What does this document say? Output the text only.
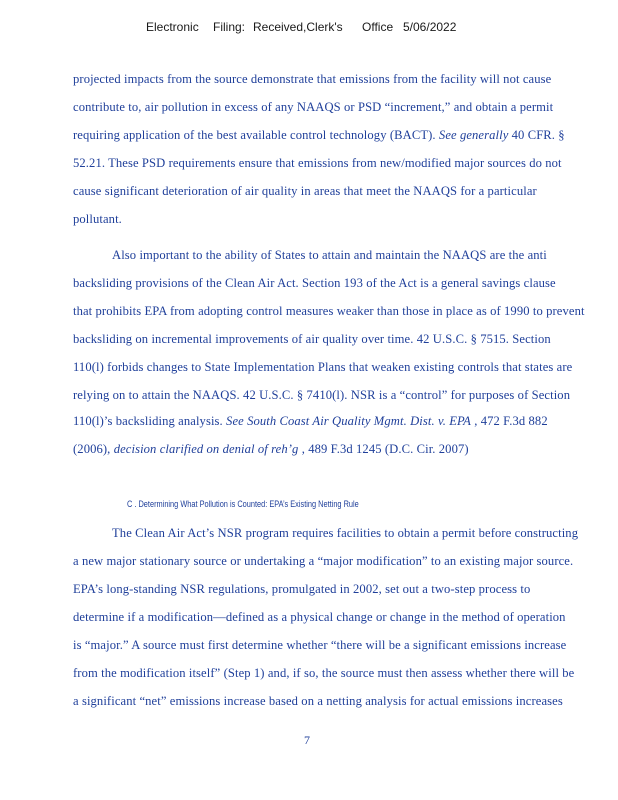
Electronic Filing: Received,Clerk's Office 5/06/2022
projected impacts from the source demonstrate that emissions from the facility will not cause
contribute to, air pollution in excess of any NAAQS or PSD “increment,” and obtain a permit
requiring application of the best available control technology (BACT). See generally 40 CFR. §
52.21. These PSD requirements ensure that emissions from new/modified major sources do not
cause significant deterioration of air quality in areas that meet the NAAQS for a particular
pollutant.
Also important to the ability of States to attain and maintain the NAAQS are the anti
backsliding provisions of the Clean Air Act. Section 193 of the Act is a general savings clause
that prohibits EPA from adopting control measures weaker than those in place as of 1990 to prevent
backsliding on incremental improvements of air quality over time. 42 U.S.C. § 7515. Section
110(l) forbids changes to State Implementation Plans that weaken existing controls that states are
relying on to attain the NAAQS. 42 U.S.C. § 7410(l). NSR is a “control” for purposes of Section
110(l)’s backsliding analysis. See South Coast Air Quality Mgmt. Dist. v. EPA , 472 F.3d 882
(2006), decision clarified on denial of reh’g , 489 F.3d 1245 (D.C. Cir. 2007)
C . Determining What Pollution is Counted: EPA’s Existing Netting Rule
The Clean Air Act’s NSR program requires facilities to obtain a permit before constructing
a new major stationary source or undertaking a “major modification” to an existing major source.
EPA’s long-standing NSR regulations, promulgated in 2002, set out a two-step process to
determine if a modification—defined as a physical change or change in the method of operation
is “major.” A source must first determine whether “there will be a significant emissions increase
from the modification itself” (Step 1) and, if so, the source must then assess whether there will be
a significant “net” emissions increase based on a netting analysis for actual emissions increases
7
